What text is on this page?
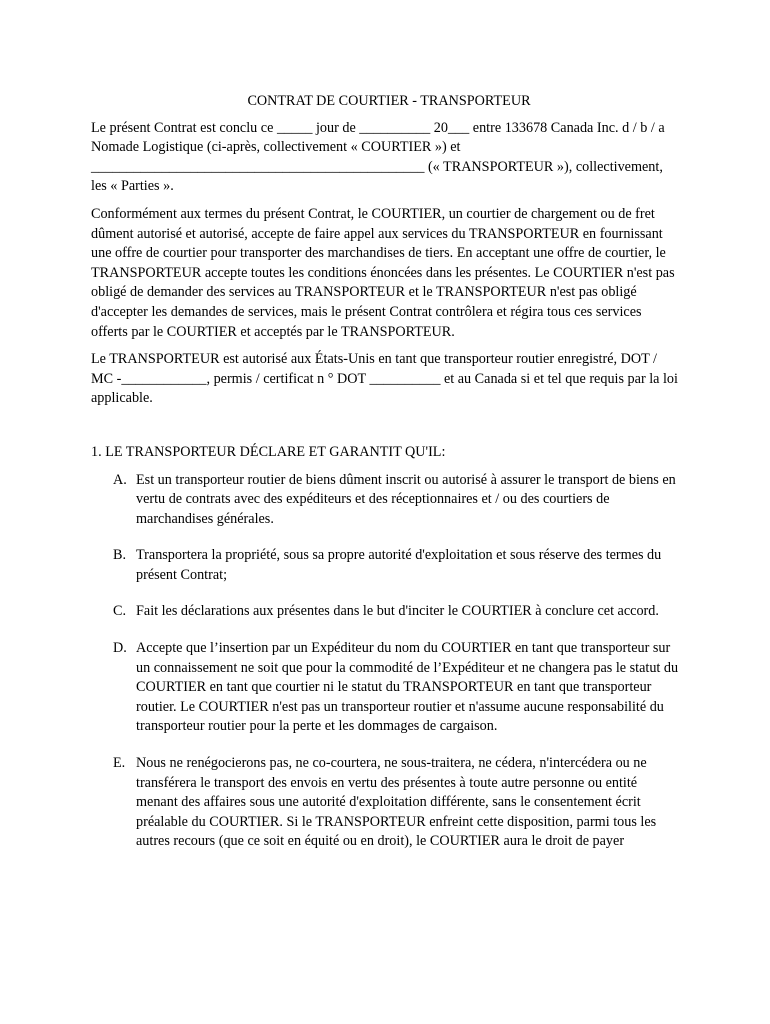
CONTRAT DE COURTIER - TRANSPORTEUR

Le présent Contrat est conclu ce _____ jour de __________ 20___ entre 133678 Canada Inc. d / b / a Nomade Logistique (ci-après, collectivement « COURTIER ») et _______________________________________________ (« TRANSPORTEUR »), collectivement, les « Parties ».

Conformément aux termes du présent Contrat, le COURTIER, un courtier de chargement ou de fret dûment autorisé et autorisé, accepte de faire appel aux services du TRANSPORTEUR en fournissant une offre de courtier pour transporter des marchandises de tiers. En acceptant une offre de courtier, le TRANSPORTEUR accepte toutes les conditions énoncées dans les présentes. Le COURTIER n'est pas obligé de demander des services au TRANSPORTEUR et le TRANSPORTEUR n'est pas obligé d'accepter les demandes de services, mais le présent Contrat contrôlera et régira tous ces services offerts par le COURTIER et acceptés par le TRANSPORTEUR.

Le TRANSPORTEUR est autorisé aux États-Unis en tant que transporteur routier enregistré, DOT / MC -____________, permis / certificat n ° DOT __________ et au Canada si et tel que requis par la loi applicable.

1. LE TRANSPORTEUR DÉCLARE ET GARANTIT QU'IL:
A. Est un transporteur routier de biens dûment inscrit ou autorisé à assurer le transport de biens en vertu de contrats avec des expéditeurs et des réceptionnaires et / ou des courtiers de marchandises générales.
B. Transportera la propriété, sous sa propre autorité d'exploitation et sous réserve des termes du présent Contrat;
C. Fait les déclarations aux présentes dans le but d'inciter le COURTIER à conclure cet accord.
D. Accepte que l’insertion par un Expéditeur du nom du COURTIER en tant que transporteur sur un connaissement ne soit que pour la commodité de l’Expéditeur et ne changera pas le statut du COURTIER en tant que courtier ni le statut du TRANSPORTEUR en tant que transporteur routier. Le COURTIER n'est pas un transporteur routier et n'assume aucune responsabilité du transporteur routier pour la perte et les dommages de cargaison.
E. Nous ne renégocierons pas, ne co-courtera, ne sous-traitera, ne cédera, n'intercédera ou ne transférera le transport des envois en vertu des présentes à toute autre personne ou entité menant des affaires sous une autorité d'exploitation différente, sans le consentement écrit préalable du COURTIER. Si le TRANSPORTEUR enfreint cette disposition, parmi tous les autres recours (que ce soit en équité ou en droit), le COURTIER aura le droit de payer
